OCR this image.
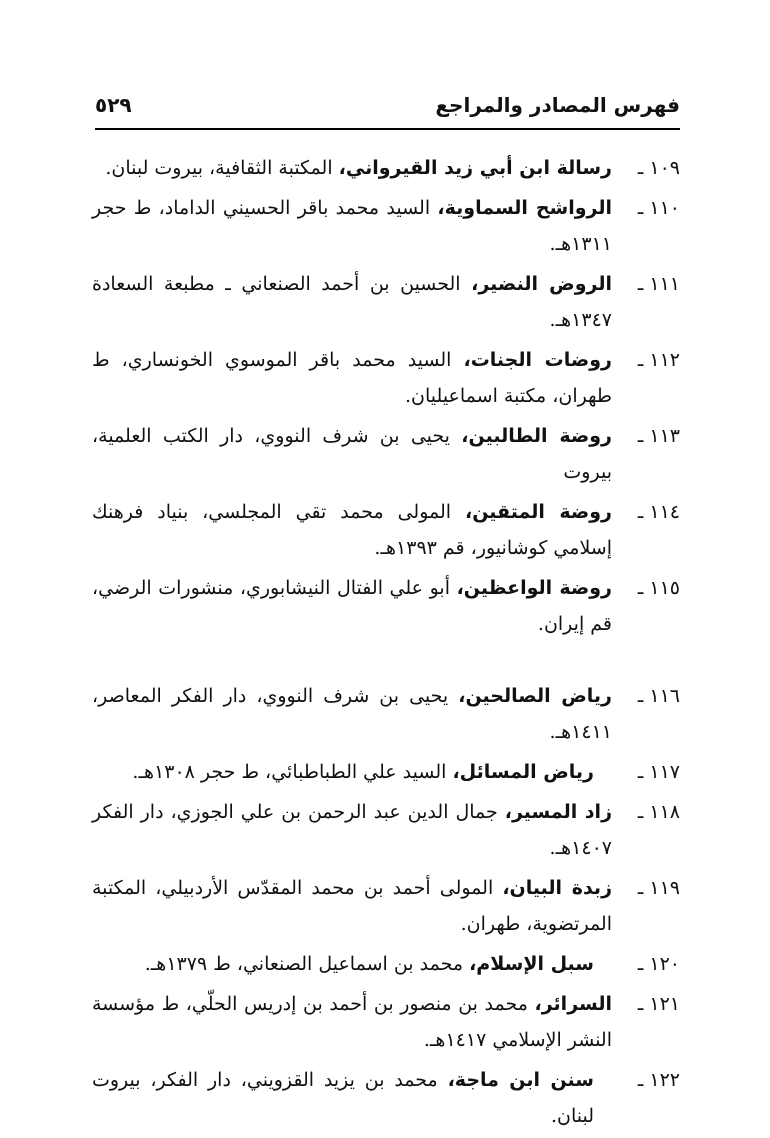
فهرس المصادر والمراجع
٥٢٩
١٠٩ ـ
رسالة ابن أبي زيد القيرواني، المكتبة الثقافية، بيروت لبنان.
١١٠ ـ
الرواشح السماوية، السيد محمد باقر الحسيني الداماد، ط حجر ١٣١١هـ.
١١١ ـ
الروض النضير، الحسين بن أحمد الصنعاني ـ مطبعة السعادة ١٣٤٧هـ.
١١٢ ـ
روضات الجنات، السيد محمد باقر الموسوي الخونساري، ط طهران، مكتبة اسماعيليان.
١١٣ ـ
روضة الطالبين، يحيى بن شرف النووي، دار الكتب العلمية، بيروت
١١٤ ـ
روضة المتقين، المولى محمد تقي المجلسي، بنياد فرهنك إسلامي كوشانيور، قم ١٣٩٣هـ.
١١٥ ـ
روضة الواعظين، أبو علي الفتال النيشابوري، منشورات الرضي، قم إيران.
١١٦ ـ
رياض الصالحين، يحيى بن شرف النووي، دار الفكر المعاصر، ١٤١١هـ.
١١٧ ـ
رياض المسائل، السيد علي الطباطبائي، ط حجر ١٣٠٨هـ.
١١٨ ـ
زاد المسير، جمال الدين عبد الرحمن بن علي الجوزي، دار الفكر ١٤٠٧هـ.
١١٩ ـ
زبدة البيان، المولى أحمد بن محمد المقدّس الأردبيلي، المكتبة المرتضوية، طهران.
١٢٠ ـ
سبل الإسلام، محمد بن اسماعيل الصنعاني، ط ١٣٧٩هـ.
١٢١ ـ
السرائر، محمد بن منصور بن أحمد بن إدريس الحلّي، ط مؤسسة النشر الإسلامي ١٤١٧هـ.
١٢٢ ـ
سنن ابن ماجة، محمد بن يزيد القزويني، دار الفكر، بيروت لبنان.
